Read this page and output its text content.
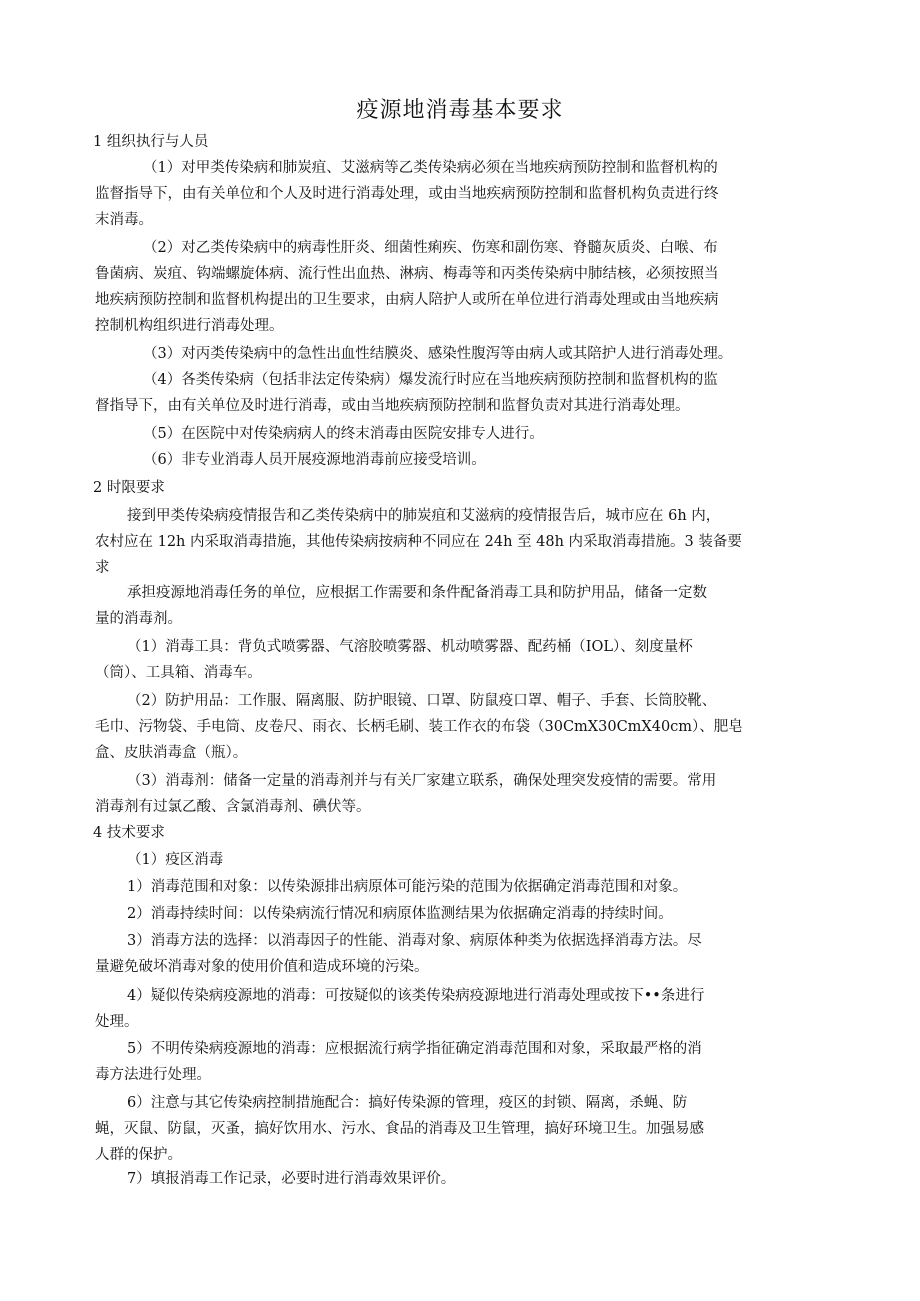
疫源地消毒基本要求
1 组织执行与人员
（1）对甲类传染病和肺炭疽、艾滋病等乙类传染病必须在当地疾病预防控制和监督机构的
监督指导下，由有关单位和个人及时进行消毒处理，或由当地疾病预防控制和监督机构负责进行终
末消毒。
（2）对乙类传染病中的病毒性肝炎、细菌性痢疾、伤寒和副伤寒、脊髓灰质炎、白喉、布
鲁菌病、炭疽、钩端螺旋体病、流行性出血热、淋病、梅毒等和丙类传染病中肺结核，必须按照当
地疾病预防控制和监督机构提出的卫生要求，由病人陪护人或所在单位进行消毒处理或由当地疾病
控制机构组织进行消毒处理。
（3）对丙类传染病中的急性出血性结膜炎、感染性腹泻等由病人或其陪护人进行消毒处理。
（4）各类传染病（包括非法定传染病）爆发流行时应在当地疾病预防控制和监督机构的监
督指导下，由有关单位及时进行消毒，或由当地疾病预防控制和监督负责对其进行消毒处理。
（5）在医院中对传染病病人的终末消毒由医院安排专人进行。
（6）非专业消毒人员开展疫源地消毒前应接受培训。
2 时限要求
接到甲类传染病疫情报告和乙类传染病中的肺炭疽和艾滋病的疫情报告后，城市应在 6h 内，
农村应在 12h 内采取消毒措施，其他传染病按病种不同应在 24h 至 48h 内采取消毒措施。3 装备要
求
承担疫源地消毒任务的单位，应根据工作需要和条件配备消毒工具和防护用品，储备一定数
量的消毒剂。
（1）消毒工具：背负式喷雾器、气溶胶喷雾器、机动喷雾器、配药桶（IOL）、刻度量杯
（筒）、工具箱、消毒车。
（2）防护用品：工作服、隔离服、防护眼镜、口罩、防鼠疫口罩、帽子、手套、长筒胶靴、
毛巾、污物袋、手电筒、皮卷尺、雨衣、长柄毛刷、装工作衣的布袋（30CmX30CmX40cm）、肥皂
盒、皮肤消毒盒（瓶）。
（3）消毒剂：储备一定量的消毒剂并与有关厂家建立联系，确保处理突发疫情的需要。常用
消毒剂有过氯乙酸、含氯消毒剂、碘伏等。
4 技术要求
（1）疫区消毒
1）消毒范围和对象：以传染源排出病原体可能污染的范围为依据确定消毒范围和对象。
2）消毒持续时间：以传染病流行情况和病原体监测结果为依据确定消毒的持续时间。
3）消毒方法的选择：以消毒因子的性能、消毒对象、病原体种类为依据选择消毒方法。尽
量避免破坏消毒对象的使用价值和造成环境的污染。
4）疑似传染病疫源地的消毒：可按疑似的该类传染病疫源地进行消毒处理或按下••条进行
处理。
5）不明传染病疫源地的消毒：应根据流行病学指征确定消毒范围和对象，采取最严格的消
毒方法进行处理。
6）注意与其它传染病控制措施配合：搞好传染源的管理，疫区的封锁、隔离，杀蝇、防
蝇，灭鼠、防鼠，灭蚤，搞好饮用水、污水、食品的消毒及卫生管理，搞好环境卫生。加强易感
人群的保护。
7）填报消毒工作记录，必要时进行消毒效果评价。
